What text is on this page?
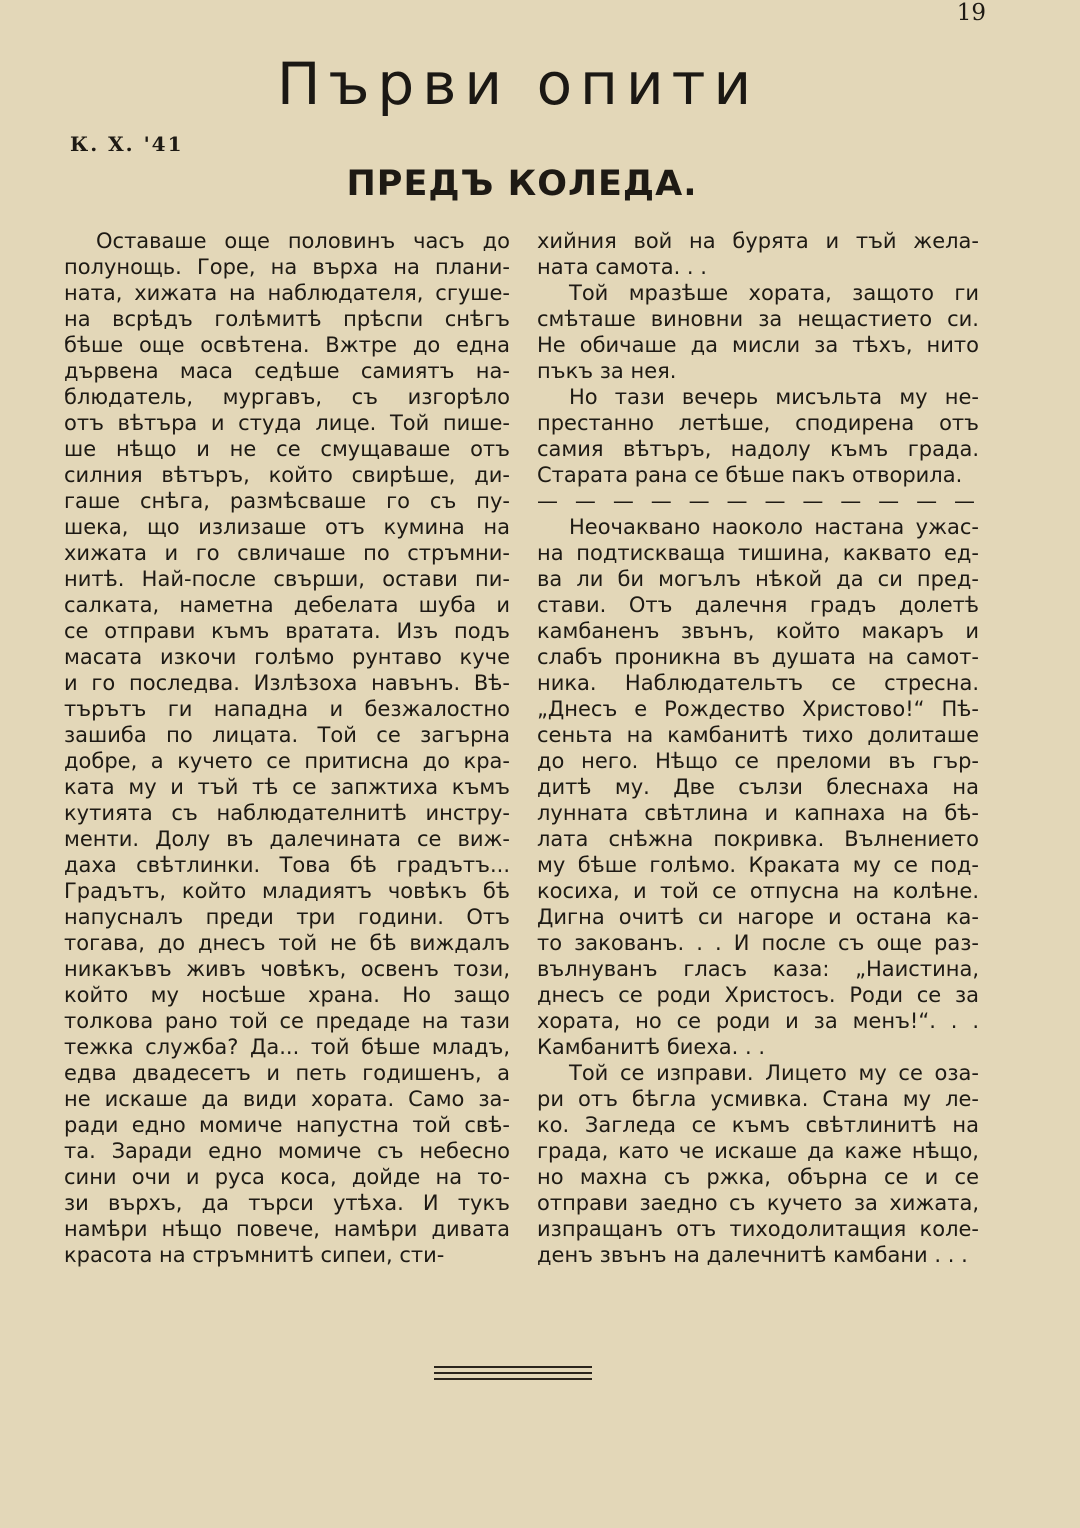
19
Първи опити
К. Х. '41
ПРЕДЪ КОЛЕДА.
Оставаше още половинъ часъ до
полунощь. Горе, на върха на плани-
ната, хижата на наблюдателя, сгуше-
на всрѣдъ голѣмитѣ прѣспи снѣгъ
бѣше още освѣтена. Вжтре до една
дървена маса седѣше самиятъ на-
блюдатель, мургавъ, съ изгорѣло
отъ вѣтъра и студа лице. Той пише-
ше нѣщо и не се смущаваше отъ
силния вѣтъръ, който свирѣше, ди-
гаше снѣга, размѣсваше го съ пу-
шека, що излизаше отъ кумина на
хижата и го свличаше по стръмни-
нитѣ. Най-после свърши, остави пи-
салката, наметна дебелата шуба и
се отправи къмъ вратата. Изъ подъ
масата изкочи голѣмо рунтаво куче
и го последва. Излѣзоха навънъ. Вѣ-
търътъ ги нападна и безжалостно
зашиба по лицата. Той се загърна
добре, а кучето се притисна до кра-
ката му и тъй тѣ се запжтиха къмъ
кутията съ наблюдателнитѣ инстру-
менти. Долу въ далечината се виж-
даха свѣтлинки. Това бѣ градътъ...
Градътъ, който младиятъ човѣкъ бѣ
напусналъ преди три години. Отъ
тогава, до днесъ той не бѣ виждалъ
никакъвъ живъ човѣкъ, освенъ този,
който му носѣше храна. Но защо
толкова рано той се предаде на тази
тежка служба? Да... той бѣше младъ,
едва двадесетъ и петь годишенъ, а
не искаше да види хората. Само за-
ради едно момиче напустна той свѣ-
та. Заради едно момиче съ небесно
сини очи и руса коса, дойде на то-
зи върхъ, да търси утѣха. И тукъ
намѣри нѣщо повече, намѣри дивата
красота на стръмнитѣ сипеи, сти-
хийния вой на бурята и тъй жела-
ната самота. . .
Той мразѣше хората, защото ги
смѣташе виновни за нещастието си.
Не обичаше да мисли за тѣхъ, нито
пъкъ за нея.
Но тази вечерь мисъльта му не-
престанно летѣше, сподирена отъ
самия вѣтъръ, надолу къмъ града.
Старата рана се бѣше пакъ отворила.
— — — — — — — — — — — —
Неочаквано наоколо настана ужас-
на подтискваща тишина, каквато ед-
ва ли би могълъ нѣкой да си пред-
стави. Отъ далечня градъ долетѣ
камбаненъ звънъ, който макаръ и
слабъ проникна въ душата на самот-
ника. Наблюдательтъ се стресна.
„Днесъ е Рождество Христово!“ Пѣ-
сеньта на камбанитѣ тихо долиташе
до него. Нѣщо се преломи въ гър-
дитѣ му. Две сълзи блеснаха на
лунната свѣтлина и капнаха на бѣ-
лата снѣжна покривка. Вълнението
му бѣше голѣмо. Краката му се под-
косиха, и той се отпусна на колѣне.
Дигна очитѣ си нагоре и остана ка-
то закованъ. . . И после съ още раз-
вълнуванъ гласъ каза: „Наистина,
днесъ се роди Христосъ. Роди се за
хората, но се роди и за менъ!“. . .
Камбанитѣ биеха. . .
Той се изправи. Лицето му се оза-
ри отъ бѣгла усмивка. Стана му ле-
ко. Загледа се къмъ свѣтлинитѣ на
града, като че искаше да каже нѣщо,
но махна съ ржка, обърна се и се
отправи заедно съ кучето за хижата,
изпращанъ отъ тиходолитащия коле-
денъ звънъ на далечнитѣ камбани . . .
